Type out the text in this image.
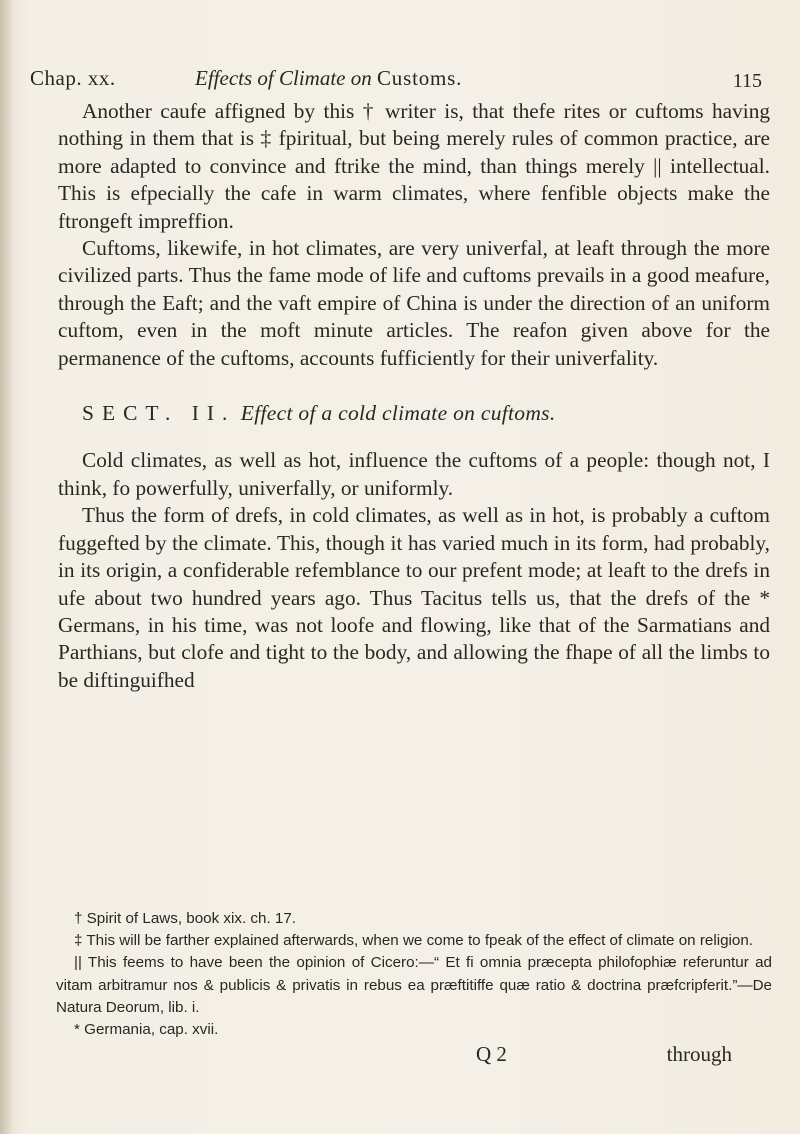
Chap. xx.	Effects of Climate on Customs.	115

Another caufe affigned by this † writer is, that thefe rites or cuftoms having nothing in them that is ‡ fpiritual, but being merely rules of common practice, are more adapted to convince and ftrike the mind, than things merely || intellectual. This is efpecially the cafe in warm climates, where fenfible objects make the ftrongeft impreffion.

Cuftoms, likewife, in hot climates, are very univerfal, at leaft through the more civilized parts. Thus the fame mode of life and cuftoms prevails in a good meafure, through the Eaft; and the vaft empire of China is under the direction of an uniform cuftom, even in the moft minute articles. The reafon given above for the permanence of the cuftoms, accounts fufficiently for their univerfality.

SECT. II. Effect of a cold climate on cuftoms.

Cold climates, as well as hot, influence the cuftoms of a people: though not, I think, fo powerfully, univerfally, or uniformly.

Thus the form of drefs, in cold climates, as well as in hot, is probably a cuftom fuggefted by the climate. This, though it has varied much in its form, had probably, in its origin, a confiderable refemblance to our prefent mode; at leaft to the drefs in ufe about two hundred years ago. Thus Tacitus tells us, that the drefs of the * Germans, in his time, was not loofe and flowing, like that of the Sarmatians and Parthians, but clofe and tight to the body, and allowing the fhape of all the limbs to be diftinguifhed

† Spirit of Laws, book xix. ch. 17.

‡ This will be farther explained afterwards, when we come to fpeak of the effect of climate on religion.

|| This feems to have been the opinion of Cicero:—“ Et fi omnia præcepta philofophiæ referuntur ad vitam arbitramur nos & publicis & privatis in rebus ea præftitiffe quæ ratio & doctrina præfcripferit.”—De Natura Deorum, lib. i.

* Germania, cap. xvii.

Q 2	through
